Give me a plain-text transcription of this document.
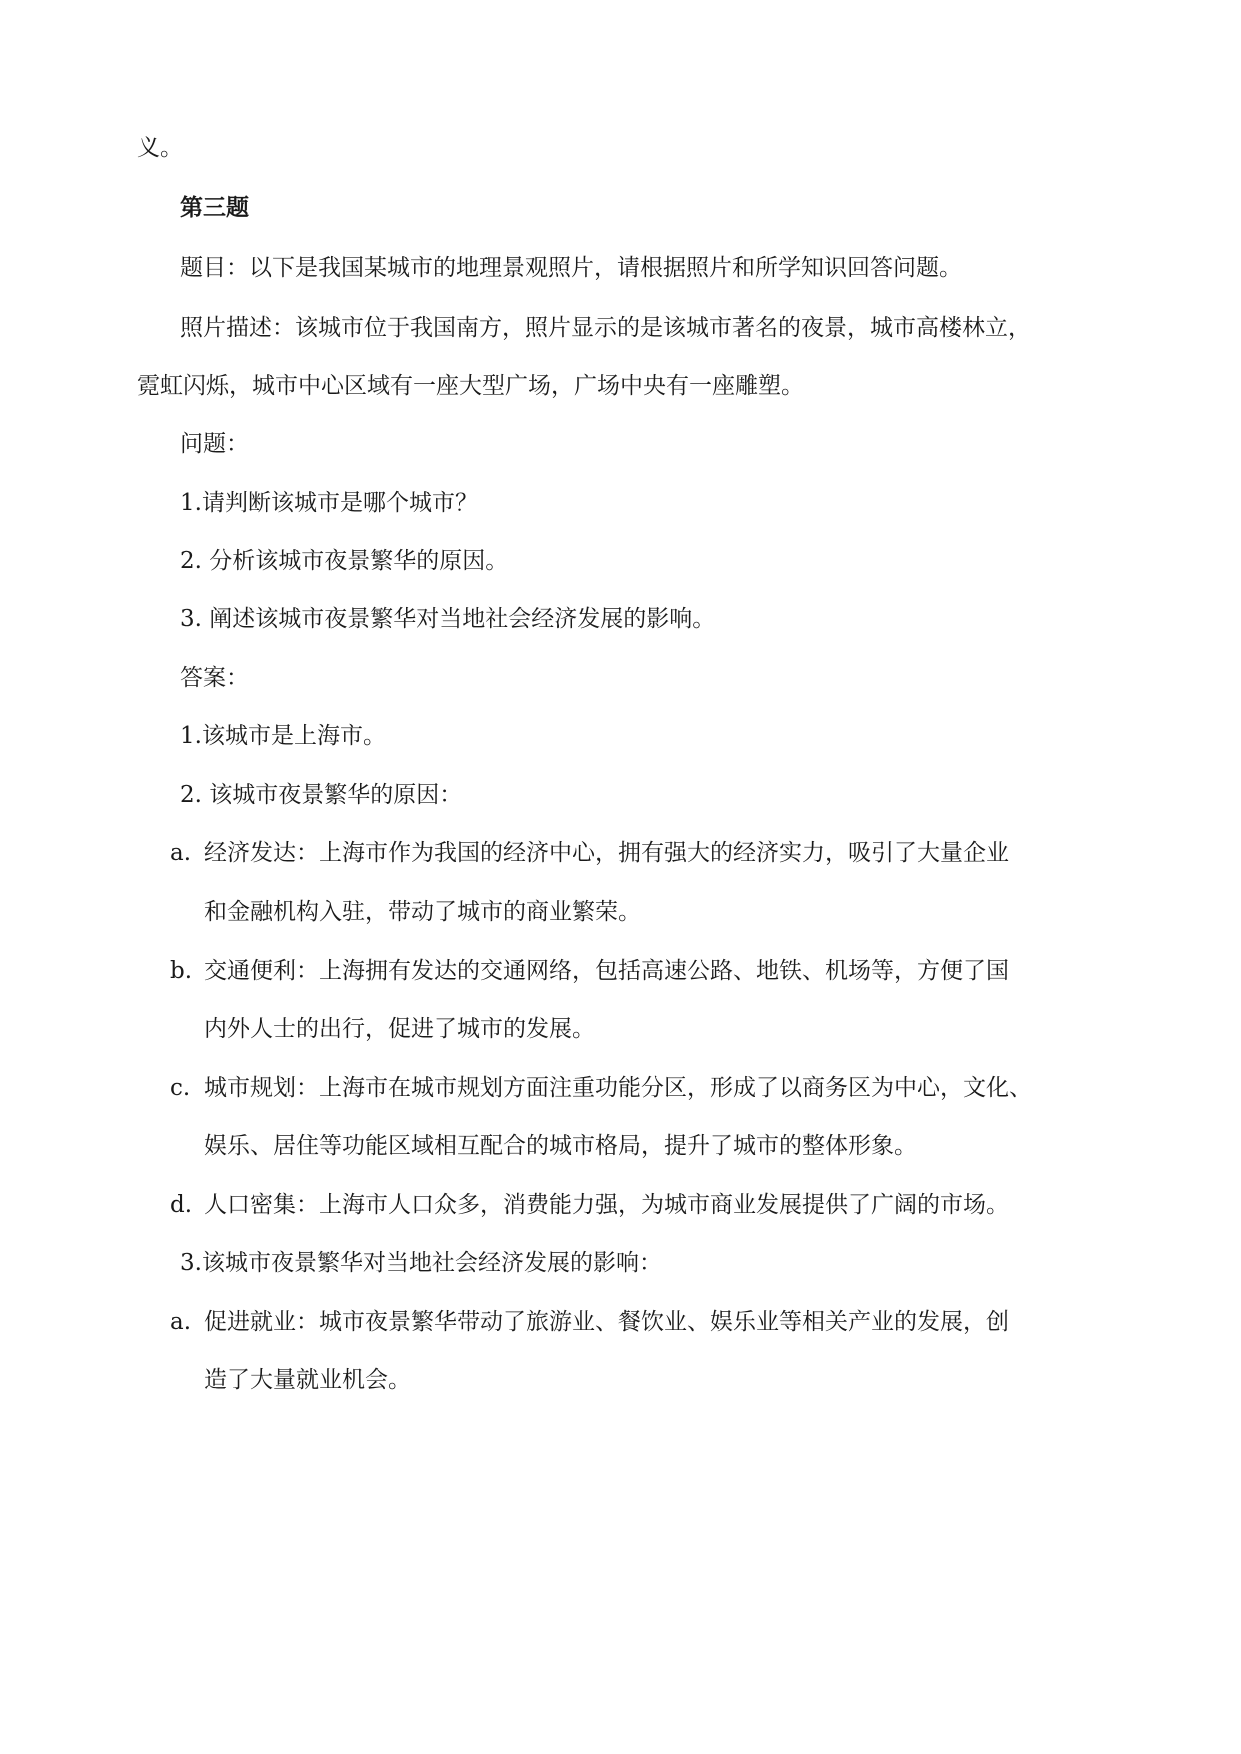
义。
第三题
题目：以下是我国某城市的地理景观照片，请根据照片和所学知识回答问题。
照片描述：该城市位于我国南方，照片显示的是该城市著名的夜景，城市高楼林立，
霓虹闪烁，城市中心区域有一座大型广场，广场中央有一座雕塑。
问题：
1.请判断该城市是哪个城市？
2. 分析该城市夜景繁华的原因。
3. 阐述该城市夜景繁华对当地社会经济发展的影响。
答案：
1.该城市是上海市。
2. 该城市夜景繁华的原因：
a. 经济发达：上海市作为我国的经济中心，拥有强大的经济实力，吸引了大量企业
和金融机构入驻，带动了城市的商业繁荣。
b. 交通便利：上海拥有发达的交通网络，包括高速公路、地铁、机场等，方便了国
内外人士的出行，促进了城市的发展。
c. 城市规划：上海市在城市规划方面注重功能分区，形成了以商务区为中心，文化、
娱乐、居住等功能区域相互配合的城市格局，提升了城市的整体形象。
d. 人口密集：上海市人口众多，消费能力强，为城市商业发展提供了广阔的市场。
3.该城市夜景繁华对当地社会经济发展的影响：
a. 促进就业：城市夜景繁华带动了旅游业、餐饮业、娱乐业等相关产业的发展，创
造了大量就业机会。
